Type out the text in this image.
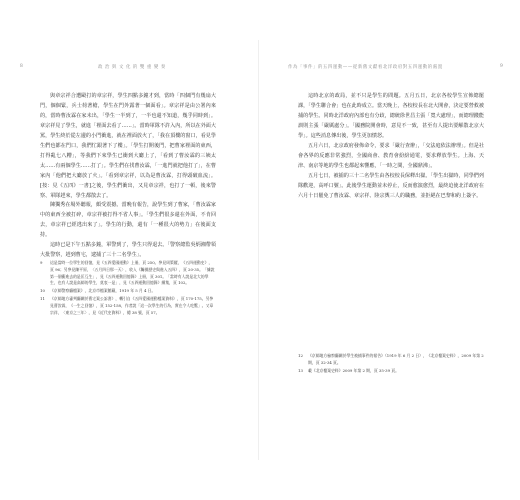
8	政 治 與 文 化 的 雙 重 變 奏

與章宗祥合遭毆打的章宗祥，學生四點多鐘才到，當時「四個門有幾扇大門，個個緊，兵士荷著槍，學生在門外露著一個面看」。章宗祥是由公署內來的，當時曹汝霖在家未出，「學生一半到了，一半也還不知道，幾乎同時到」。章宗祥見了學生，就進「裡面去看了……」。當時軍隊不許入內，所以在外面大罵，學生終於從左邊的小門衝進，就在裡面放火了，「我在頂樓的窗口，看見學生們也都在門口，我們忙跟著下了樓」。「學生打開後門，把曹家裡面的東西，打得亂七八糟」，等我們下來學生已衝到大廳上了，「看到了曹汝霖的三姨太太……有兩個學生……打了」。學生們在找曹汝霖，「一進門就把他打了」，在曹家內「他們把大廳放了火」。「看到章宗祥，以為是曹汝霖，打得頭破血流」。[按：見《五四》一書]之後，學生們衝出，又見章宗祥，也打了一頓，後來警察、軍隊趕來，學生都散去了。

陳獨秀在場外聽報，頗受震撼。當晚有報告，說學生到了曹家，「曹汝霖家中的東西全被打碎，章宗祥被打得不省人事」。「學生們很多還在外面，不肯回去，章宗祥已經逃出來了」。學生的行動，還有「一種很大的勢力」在後面支持。

這時已是下午五點多鐘，軍警到了，學生只得退去。「警察總監吳炳湘帶領大批警察，趕到曹宅，逮捕了三十二名學生」。

9	這是當時一位學生的回憶，見《五四愛國運動》上冊，頁 250。參見周策縱，《五四運動史》，頁 96；另參見陳平原，〈五月四日那一天〉，收入《觸摸歷史與進入五四》，頁 20-35。「據說第一個衝進去的是匡互生」，見《五四運動回憶錄》上冊，頁 301。「當時有人說是北大的學生，也有人說是高師的學生，莫衷一是」，見《五四運動回憶錄》續集，頁 102。
10	《京師警察廳檔案》，北京市檔案館藏，1919 年 5 月 4 日。
11	《京師地方審判廳關於曹宅案公訴書》，轉引自《五四愛國運動檔案資料》，頁 170-175。另參見曹汝霖，《一生之回憶》，頁 152-158，作者說「這一次學生的行為，實在令人吃驚」。又章宗祥，〈東京之三年〉，見《近代史資料》，總 38 號，頁 57。
作為「事件」的五四運動——從新舊文獻看北洋政府對五四運動的處置	9

這時北京的政局，並不只是學生的問題。五月五日，北京各校學生宣佈總罷課，「學生聯合會」也在此時成立。當天晚上，各校校長在北大開會，決定要營救被捕的學生。同時北洋政府內部也有分歧，總統徐世昌主張「寬大處理」，而總理錢能訓則主張「嚴厲處分」。「國務院開會時，意見不一致，甚至有人提出要解散北京大學」。這些消息傳出後，學生更加憤怒。

五月六日，北京政府發佈命令，要求「嚴行查辦」，「交法庭依法辦理」。但是社會各界的反應非常強烈，全國商會、教育會紛紛通電，要求釋放學生。上海、天津、南京等地的學生也都起來響應，「一時之間，全國鼎沸」。

五月七日，被捕的三十二名學生由各校校長保釋出獄。「學生出獄時，同學們列隊歡迎，高呼口號」。此後學生運動並未停止，反而愈演愈烈，最終迫使北洋政府在六月十日罷免了曹汝霖、章宗祥、陸宗輿三人的職務，並拒絕在巴黎和約上簽字。

12	《京師地方檢察廳關於學生被捕事件的報告》（1919 年 6 月 2 日），《北京檔案史料》，2009 年第 2 期，頁 32-34 頁。
13	載《北京檔案史料》2009 年第 2 期，頁 35-39 頁。
